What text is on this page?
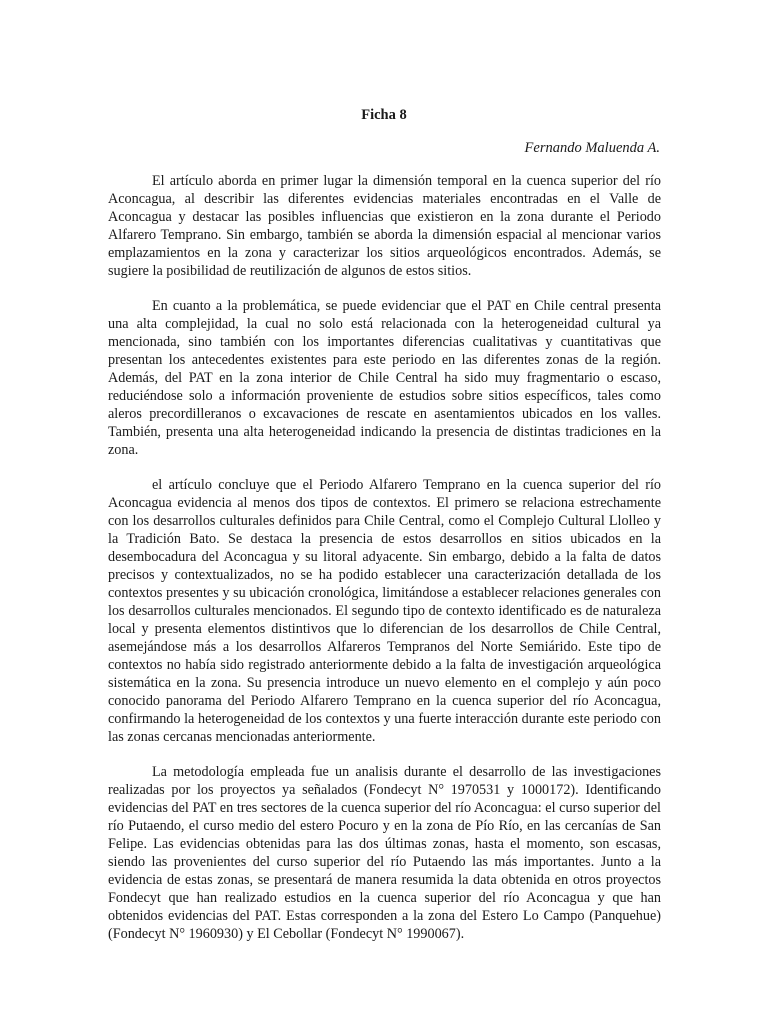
Ficha 8

Fernando Maluenda A.

El artículo aborda en primer lugar la dimensión temporal en la cuenca superior del río Aconcagua, al describir las diferentes evidencias materiales encontradas en el Valle de Aconcagua y destacar las posibles influencias que existieron en la zona durante el Periodo Alfarero Temprano. Sin embargo, también se aborda la dimensión espacial al mencionar varios emplazamientos en la zona y caracterizar los sitios arqueológicos encontrados. Además, se sugiere la posibilidad de reutilización de algunos de estos sitios.

En cuanto a la problemática, se puede evidenciar que el PAT en Chile central presenta una alta complejidad, la cual no solo está relacionada con la heterogeneidad cultural ya mencionada, sino también con los importantes diferencias cualitativas y cuantitativas que presentan los antecedentes existentes para este periodo en las diferentes zonas de la región. Además, del PAT en la zona interior de Chile Central ha sido muy fragmentario o escaso, reduciéndose solo a información proveniente de estudios sobre sitios específicos, tales como aleros precordilleranos o excavaciones de rescate en asentamientos ubicados en los valles. También, presenta una alta heterogeneidad indicando la presencia de distintas tradiciones en la zona.

el artículo concluye que el Periodo Alfarero Temprano en la cuenca superior del río Aconcagua evidencia al menos dos tipos de contextos. El primero se relaciona estrechamente con los desarrollos culturales definidos para Chile Central, como el Complejo Cultural Llolleo y la Tradición Bato. Se destaca la presencia de estos desarrollos en sitios ubicados en la desembocadura del Aconcagua y su litoral adyacente. Sin embargo, debido a la falta de datos precisos y contextualizados, no se ha podido establecer una caracterización detallada de los contextos presentes y su ubicación cronológica, limitándose a establecer relaciones generales con los desarrollos culturales mencionados. El segundo tipo de contexto identificado es de naturaleza local y presenta elementos distintivos que lo diferencian de los desarrollos de Chile Central, asemejándose más a los desarrollos Alfareros Tempranos del Norte Semiárido. Este tipo de contextos no había sido registrado anteriormente debido a la falta de investigación arqueológica sistemática en la zona. Su presencia introduce un nuevo elemento en el complejo y aún poco conocido panorama del Periodo Alfarero Temprano en la cuenca superior del río Aconcagua, confirmando la heterogeneidad de los contextos y una fuerte interacción durante este periodo con las zonas cercanas mencionadas anteriormente.

La metodología empleada fue un analisis durante el desarrollo de las investigaciones realizadas por los proyectos ya señalados (Fondecyt N° 1970531 y 1000172). Identificando evidencias del PAT en tres sectores de la cuenca superior del río Aconcagua: el curso superior del río Putaendo, el curso medio del estero Pocuro y en la zona de Pío Río, en las cercanías de San Felipe. Las evidencias obtenidas para las dos últimas zonas, hasta el momento, son escasas, siendo las provenientes del curso superior del río Putaendo las más importantes. Junto a la evidencia de estas zonas, se presentará de manera resumida la data obtenida en otros proyectos Fondecyt que han realizado estudios en la cuenca superior del río Aconcagua y que han obtenidos evidencias del PAT. Estas corresponden a la zona del Estero Lo Campo (Panquehue) (Fondecyt N° 1960930) y El Cebollar (Fondecyt N° 1990067).
